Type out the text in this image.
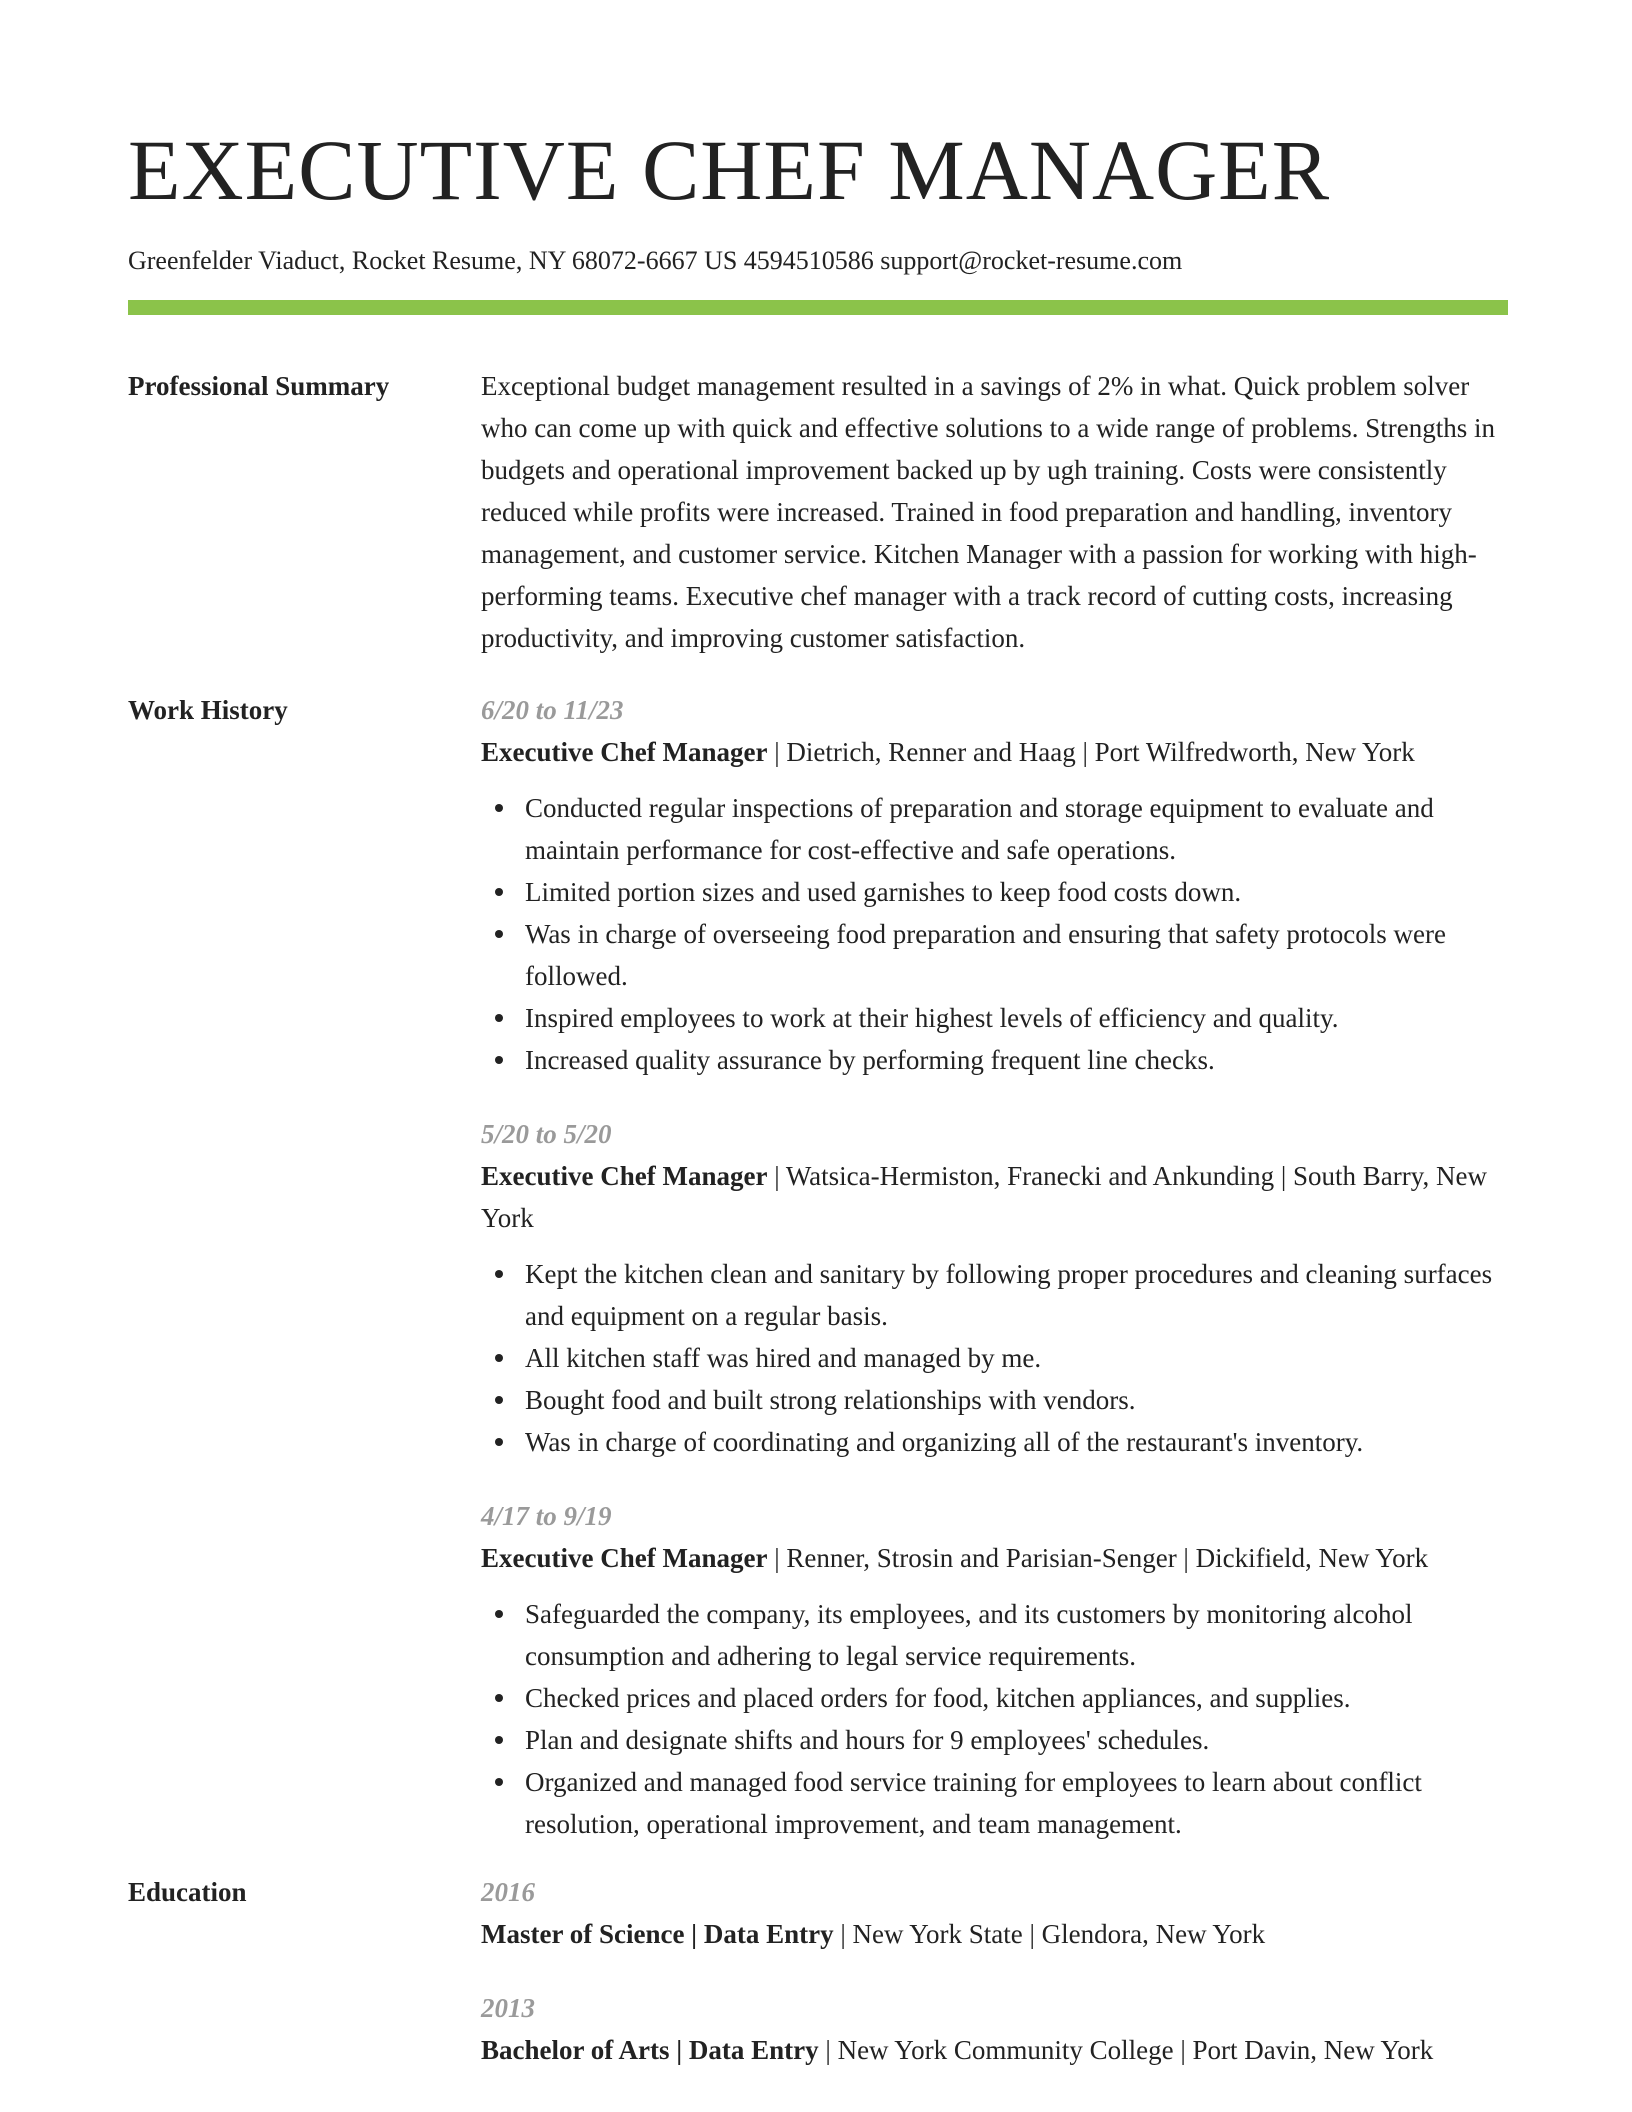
EXECUTIVE CHEF MANAGER
Greenfelder Viaduct, Rocket Resume, NY 68072-6667 US 4594510586 support@rocket-resume.com
Professional Summary	Exceptional budget management resulted in a savings of 2% in what. Quick problem solver who can come up with quick and effective solutions to a wide range of problems. Strengths in budgets and operational improvement backed up by ugh training. Costs were consistently reduced while profits were increased. Trained in food preparation and handling, inventory management, and customer service. Kitchen Manager with a passion for working with high-performing teams. Executive chef manager with a track record of cutting costs, increasing productivity, and improving customer satisfaction.

Work History	6/20 to 11/23

Executive Chef Manager | Dietrich, Renner and Haag | Port Wilfredworth, New York

Conducted regular inspections of preparation and storage equipment to evaluate and maintain performance for cost-effective and safe operations.
Limited portion sizes and used garnishes to keep food costs down.
Was in charge of overseeing food preparation and ensuring that safety protocols were followed.
Inspired employees to work at their highest levels of efficiency and quality.
Increased quality assurance by performing frequent line checks.
5/20 to 5/20

Executive Chef Manager | Watsica-Hermiston, Franecki and Ankunding | South Barry, New York

Kept the kitchen clean and sanitary by following proper procedures and cleaning surfaces and equipment on a regular basis.
All kitchen staff was hired and managed by me.
Bought food and built strong relationships with vendors.
Was in charge of coordinating and organizing all of the restaurant's inventory.
4/17 to 9/19

Executive Chef Manager | Renner, Strosin and Parisian-Senger | Dickifield, New York

Safeguarded the company, its employees, and its customers by monitoring alcohol consumption and adhering to legal service requirements.
Checked prices and placed orders for food, kitchen appliances, and supplies.
Plan and designate shifts and hours for 9 employees' schedules.
Organized and managed food service training for employees to learn about conflict resolution, operational improvement, and team management.
Education	2016

Master of Science | Data Entry | New York State | Glendora, New York

2013

Bachelor of Arts | Data Entry | New York Community College | Port Davin, New York
